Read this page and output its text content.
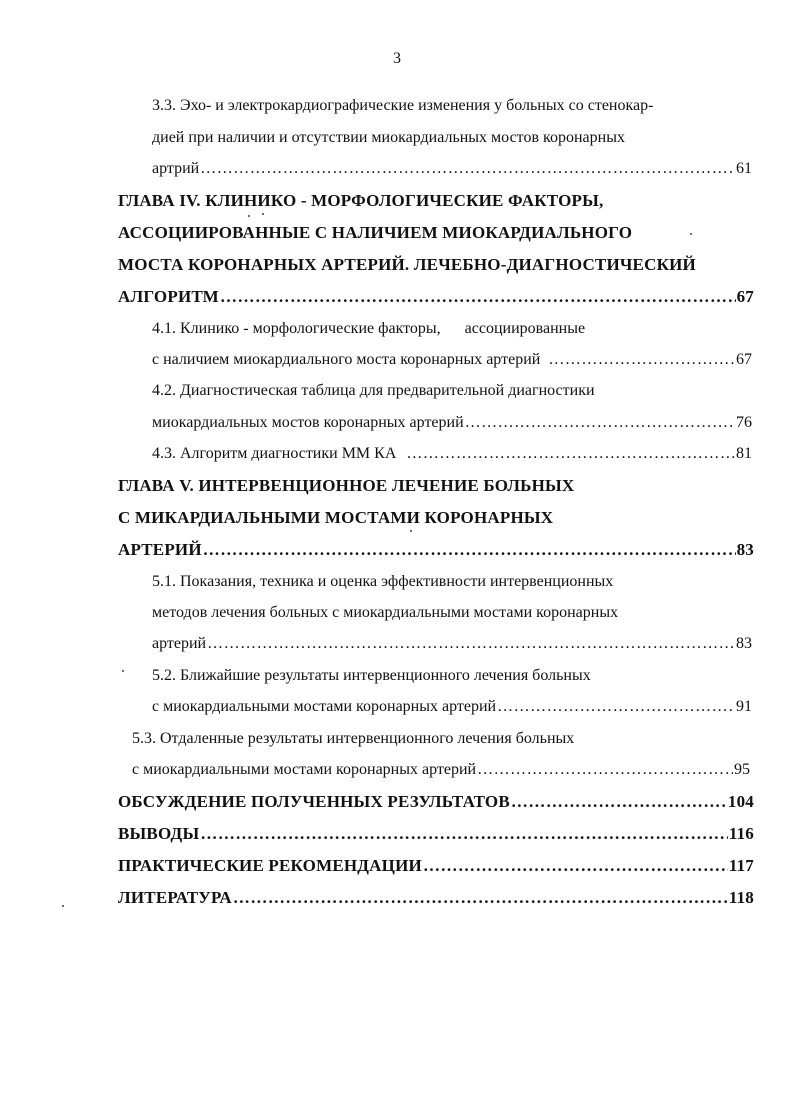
3
3.3. Эхо- и электрокардиографические изменения у больных со стенокар-
дией при наличии и отсутствии миокардиальных мостов коронарных
артрий ………………………………………………………………………………………………………………………………………………………………………………………………………………………………………………………………	61
ГЛАВА IV. КЛИНИКО - МОРФОЛОГИЧЕСКИЕ ФАКТОРЫ,
АССОЦИИРОВАННЫЕ С НАЛИЧИЕМ МИОКАРДИАЛЬНОГО
МОСТА КОРОНАРНЫХ АРТЕРИЙ. ЛЕЧЕБНО-ДИАГНОСТИЧЕСКИЙ
АЛГОРИТМ ………………………………………………………………………………………………………………………………………………………………………………………………………………………………………………………………	67
4.1. Клинико - морфологические факторы,      ассоциированные
с наличием миокардиального моста коронарных артерий ………………………………………………………………………………………………………………………………………………………………………………………………………………………………………………………………	67
4.2. Диагностическая таблица для предварительной диагностики
миокардиальных мостов коронарных артерий ………………………………………………………………………………………………………………………………………………………………………………………………………………………………………………………………	76
4.3. Алгоритм диагностики ММ КА ………………………………………………………………………………………………………………………………………………………………………………………………………………………………………………………………	81
ГЛАВА V. ИНТЕРВЕНЦИОННОЕ ЛЕЧЕНИЕ БОЛЬНЫХ
С МИКАРДИАЛЬНЫМИ МОСТАМИ КОРОНАРНЫХ
АРТЕРИЙ ………………………………………………………………………………………………………………………………………………………………………………………………………………………………………………………………	83
5.1. Показания, техника и оценка эффективности интервенционных
методов лечения больных с миокардиальными мостами коронарных
артерий ………………………………………………………………………………………………………………………………………………………………………………………………………………………………………………………………	83
5.2. Ближайшие результаты интервенционного лечения больных
с миокардиальными мостами коронарных артерий ………………………………………………………………………………………………………………………………………………………………………………………………………………………………………………………………	91
5.3. Отдаленные результаты интервенционного лечения больных
с миокардиальными мостами коронарных артерий ………………………………………………………………………………………………………………………………………………………………………………………………………………………………………………………………	95
ОБСУЖДЕНИЕ ПОЛУЧЕННЫХ РЕЗУЛЬТАТОВ ………………………………………………………………………………………………………………………………………………………………………………………………………………………………………………………………	104
ВЫВОДЫ ………………………………………………………………………………………………………………………………………………………………………………………………………………………………………………………………	116
ПРАКТИЧЕСКИЕ РЕКОМЕНДАЦИИ ………………………………………………………………………………………………………………………………………………………………………………………………………………………………………………………………	117
ЛИТЕРАТУРА ………………………………………………………………………………………………………………………………………………………………………………………………………………………………………………………………	118
